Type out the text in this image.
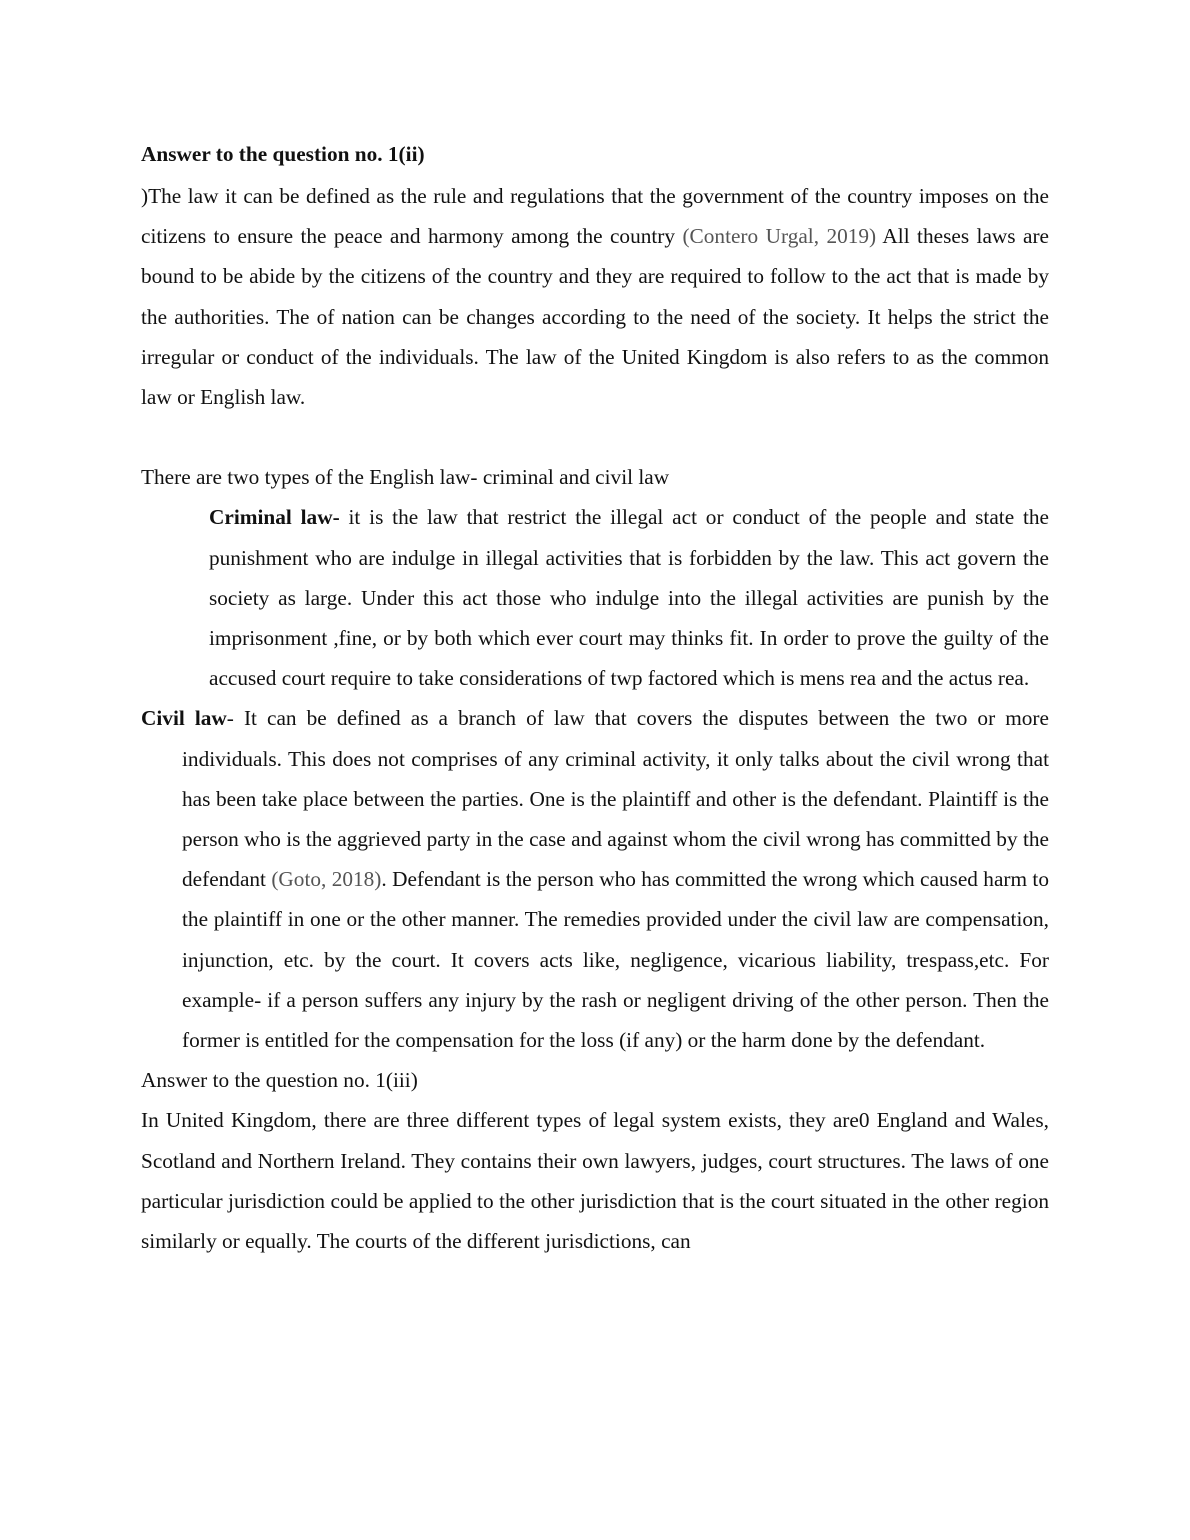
Answer to the question no. 1(ii)

)The law it can be defined as the rule and regulations that the government of the country imposes on the citizens to ensure the peace and harmony among the country (Contero Urgal, 2019) All theses laws are bound to be abide by the citizens of the country and they are required to follow to the act that is made by the authorities. The of nation can be changes according to the need of the society. It helps the strict the irregular or conduct of the individuals. The law of the United Kingdom is also refers to as the common law or English law.

There are two types of the English law- criminal and civil law

Criminal law- it is the law that restrict the illegal act or conduct of the people and state the punishment who are indulge in illegal activities that is forbidden by the law. This act govern the society as large. Under this act those who indulge into the illegal activities are punish by the imprisonment ,fine, or by both which ever court may thinks fit. In order to prove the guilty of the accused court require to take considerations of twp factored which is mens rea and the actus rea.

Civil law- It can be defined as a branch of law that covers the disputes between the two or more individuals. This does not comprises of any criminal activity, it only talks about the civil wrong that has been take place between the parties. One is the plaintiff and other is the defendant. Plaintiff is the person who is the aggrieved party in the case and against whom the civil wrong has committed by the defendant (Goto, 2018). Defendant is the person who has committed the wrong which caused harm to the plaintiff in one or the other manner. The remedies provided under the civil law are compensation, injunction, etc. by the court. It covers acts like, negligence, vicarious liability, trespass,etc. For example- if a person suffers any injury by the rash or negligent driving of the other person. Then the former is entitled for the compensation for the loss (if any) or the harm done by the defendant.

Answer to the question no. 1(iii)

In United Kingdom, there are three different types of legal system exists, they are0 England and Wales, Scotland and Northern Ireland. They contains their own lawyers, judges, court structures. The laws of one particular jurisdiction could be applied to the other jurisdiction that is the court situated in the other region similarly or equally. The courts of the different jurisdictions, can
